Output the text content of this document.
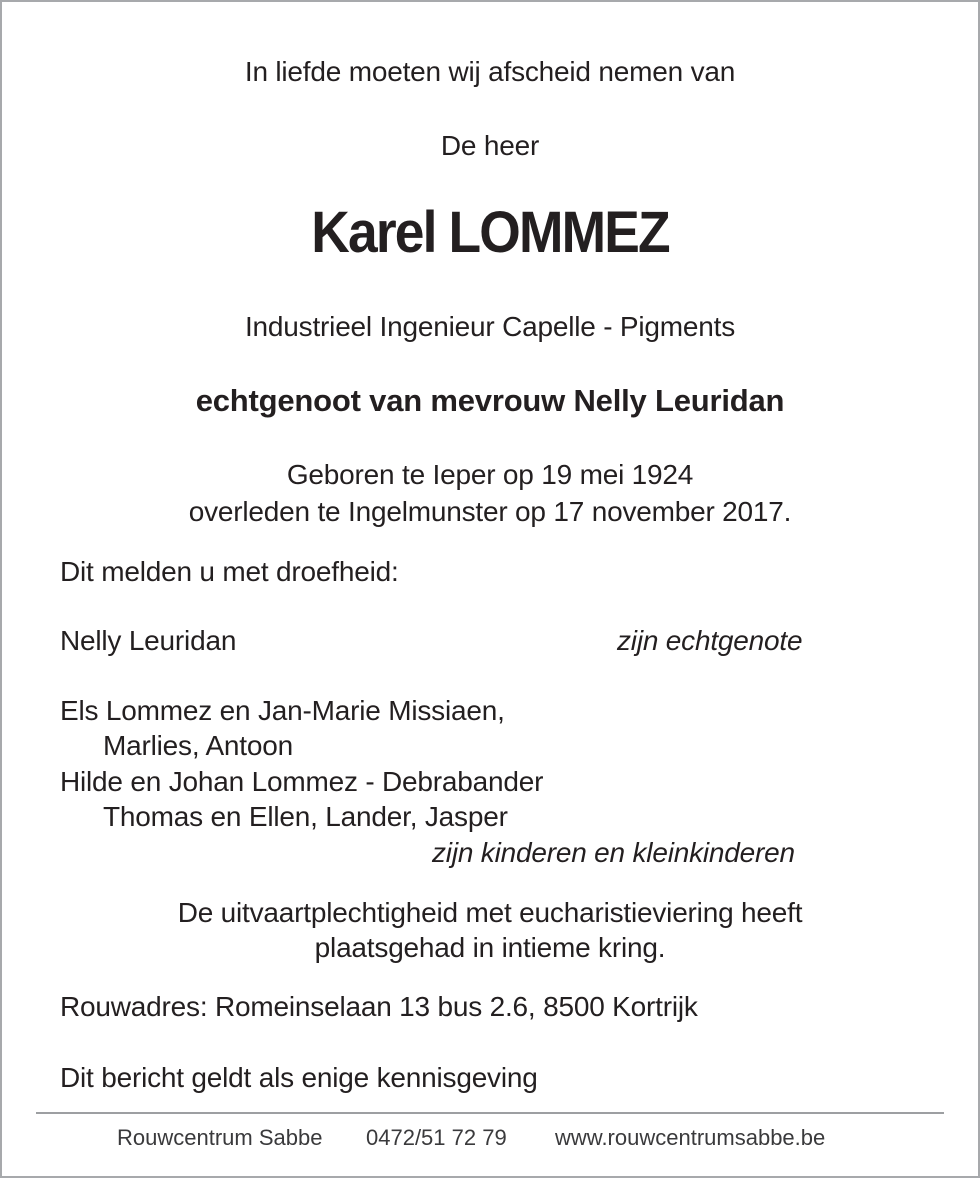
In liefde moeten wij afscheid nemen van
De heer
Karel LOMMEZ
Industrieel Ingenieur Capelle - Pigments
echtgenoot van mevrouw Nelly Leuridan
Geboren te Ieper op 19 mei 1924
overleden te Ingelmunster op 17 november 2017.
Dit melden u met droefheid:
Nelly Leuridan	zijn echtgenote
Els Lommez en Jan-Marie Missiaen,
Marlies, Antoon
Hilde en Johan Lommez - Debrabander
Thomas en Ellen, Lander, Jasper
zijn kinderen en kleinkinderen
De uitvaartplechtigheid met eucharistieviering heeft
plaatsgehad in intieme kring.
Rouwadres: Romeinselaan 13 bus 2.6, 8500 Kortrijk
Dit bericht geldt als enige kennisgeving
Rouwcentrum Sabbe 0472/51 72 79 www.rouwcentrumsabbe.be
